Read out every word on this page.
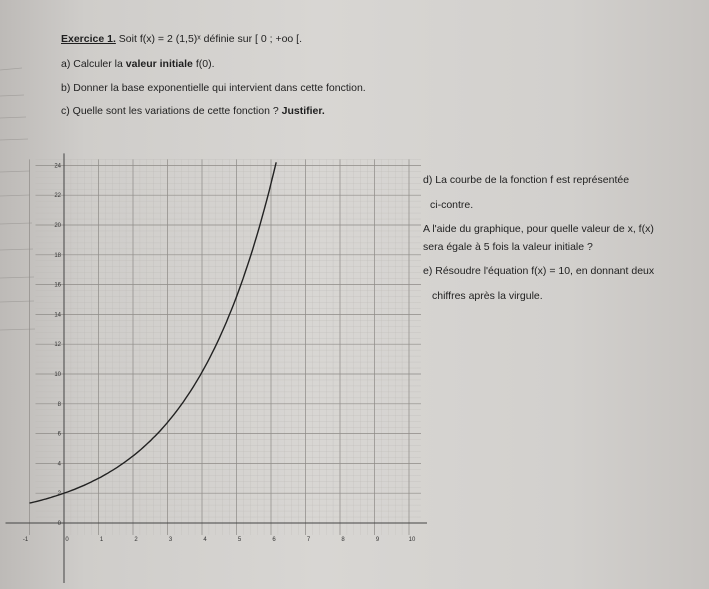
Exercice 1. Soit f(x) = 2 (1,5)ˣ définie sur [ 0 ; +oo [.
a) Calculer la valeur initiale f(0).
b) Donner la base exponentielle qui intervient dans cette fonction.
c) Quelle sont les variations de cette fonction ? Justifier.
d) La courbe de la fonction f est représentée
ci-contre.
A l'aide du graphique, pour quelle valeur de x, f(x)
sera égale à 5 fois la valeur initiale ?
e) Résoudre l'équation f(x) = 10, en donnant deux
chiffres après la virgule.
-1	0	1	2	3	4	5	6	7	8	9	10
0
2
4
6
8
10
12
14
16
18
20
22
24
